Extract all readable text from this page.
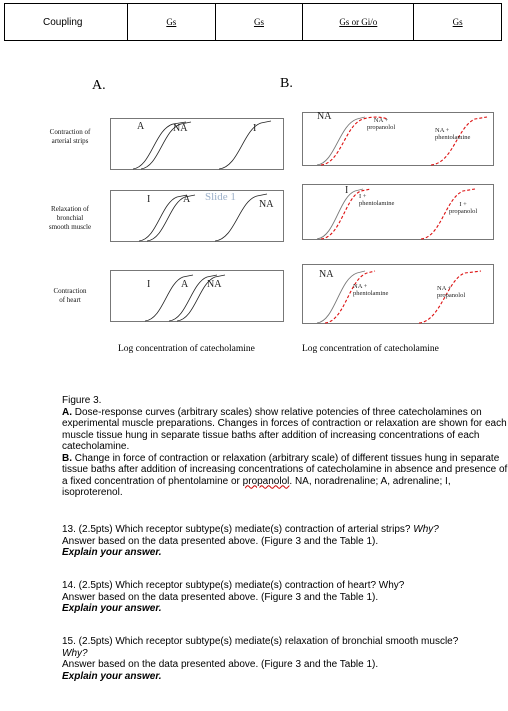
Coupling	Gs	Gs	Gs or Gi/o	Gs
A.	B.
Contraction of
arterial strips
Relaxation of
bronchial
smooth muscle
Contraction
of heart
A	NA	I
I	A	NA
Slide 1
I	A NA
NA	NA +
propanolol	NA +
phentolamine
I
I +
phentolamine	I +
propanolol
NA
NA +
phentolamine
NA +
propanolol
Log concentration of catecholamine	Log concentration of catecholamine
Figure 3.
A. Dose-response curves (arbitrary scales) show relative potencies of three catecholamines on experimental muscle preparations. Changes in forces of contraction or relaxation are shown for each muscle tissue hung in separate tissue baths after addition of increasing concentrations of each catecholamine.
B. Change in force of contraction or relaxation (arbitrary scale) of different tissues hung in separate tissue baths after addition of increasing concentrations of catecholamine in absence and presence of a fixed concentration of phentolamine or propanolol. NA, noradrenaline; A, adrenaline; I, isoproterenol.
13. (2.5pts) Which receptor subtype(s) mediate(s) contraction of arterial strips? Why?
Answer based on the data presented above. (Figure 3 and the Table 1).
Explain your answer.
14. (2.5pts) Which receptor subtype(s) mediate(s) contraction of heart? Why?
Answer based on the data presented above. (Figure 3 and the Table 1).
Explain your answer.
15. (2.5pts) Which receptor subtype(s) mediate(s) relaxation of bronchial smooth muscle?
Why?
Answer based on the data presented above. (Figure 3 and the Table 1).
Explain your answer.
